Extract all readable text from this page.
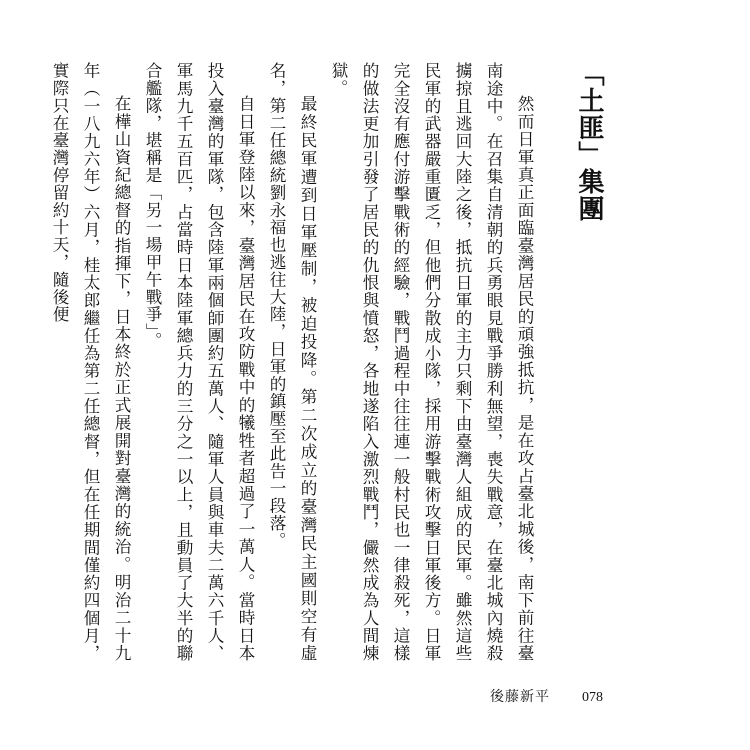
「土匪」集團

然而日軍真正面臨臺灣居民的頑強抵抗，是在攻占臺北城後，南下前往臺南途中。在召集自清朝的兵勇眼見戰爭勝利無望，喪失戰意，在臺北城內燒殺擄掠且逃回大陸之後，抵抗日軍的主力只剩下由臺灣人組成的民軍。雖然這些民軍的武器嚴重匱乏，但他們分散成小隊，採用游擊戰術攻擊日軍後方。日軍完全沒有應付游擊戰術的經驗，戰鬥過程中往往連一般村民也一律殺死，這樣的做法更加引發了居民的仇恨與憤怒，各地遂陷入激烈戰鬥，儼然成為人間煉獄。

最終民軍遭到日軍壓制，被迫投降。第二次成立的臺灣民主國則空有虛名，第二任總統劉永福也逃往大陸，日軍的鎮壓至此告一段落。

自日軍登陸以來，臺灣居民在攻防戰中的犧牲者超過了一萬人。當時日本投入臺灣的軍隊，包含陸軍兩個師團約五萬人、隨軍人員與車夫二萬六千人、軍馬九千五百匹，占當時日本陸軍總兵力的三分之一以上，且動員了大半的聯合艦隊，堪稱是「另一場甲午戰爭」。

在樺山資紀總督的指揮下，日本終於正式展開對臺灣的統治。明治二十九年（一八九六年）六月，桂太郎繼任為第二任總督，但在任期間僅約四個月，實際只在臺灣停留約十天，隨後便

後藤新平 078
